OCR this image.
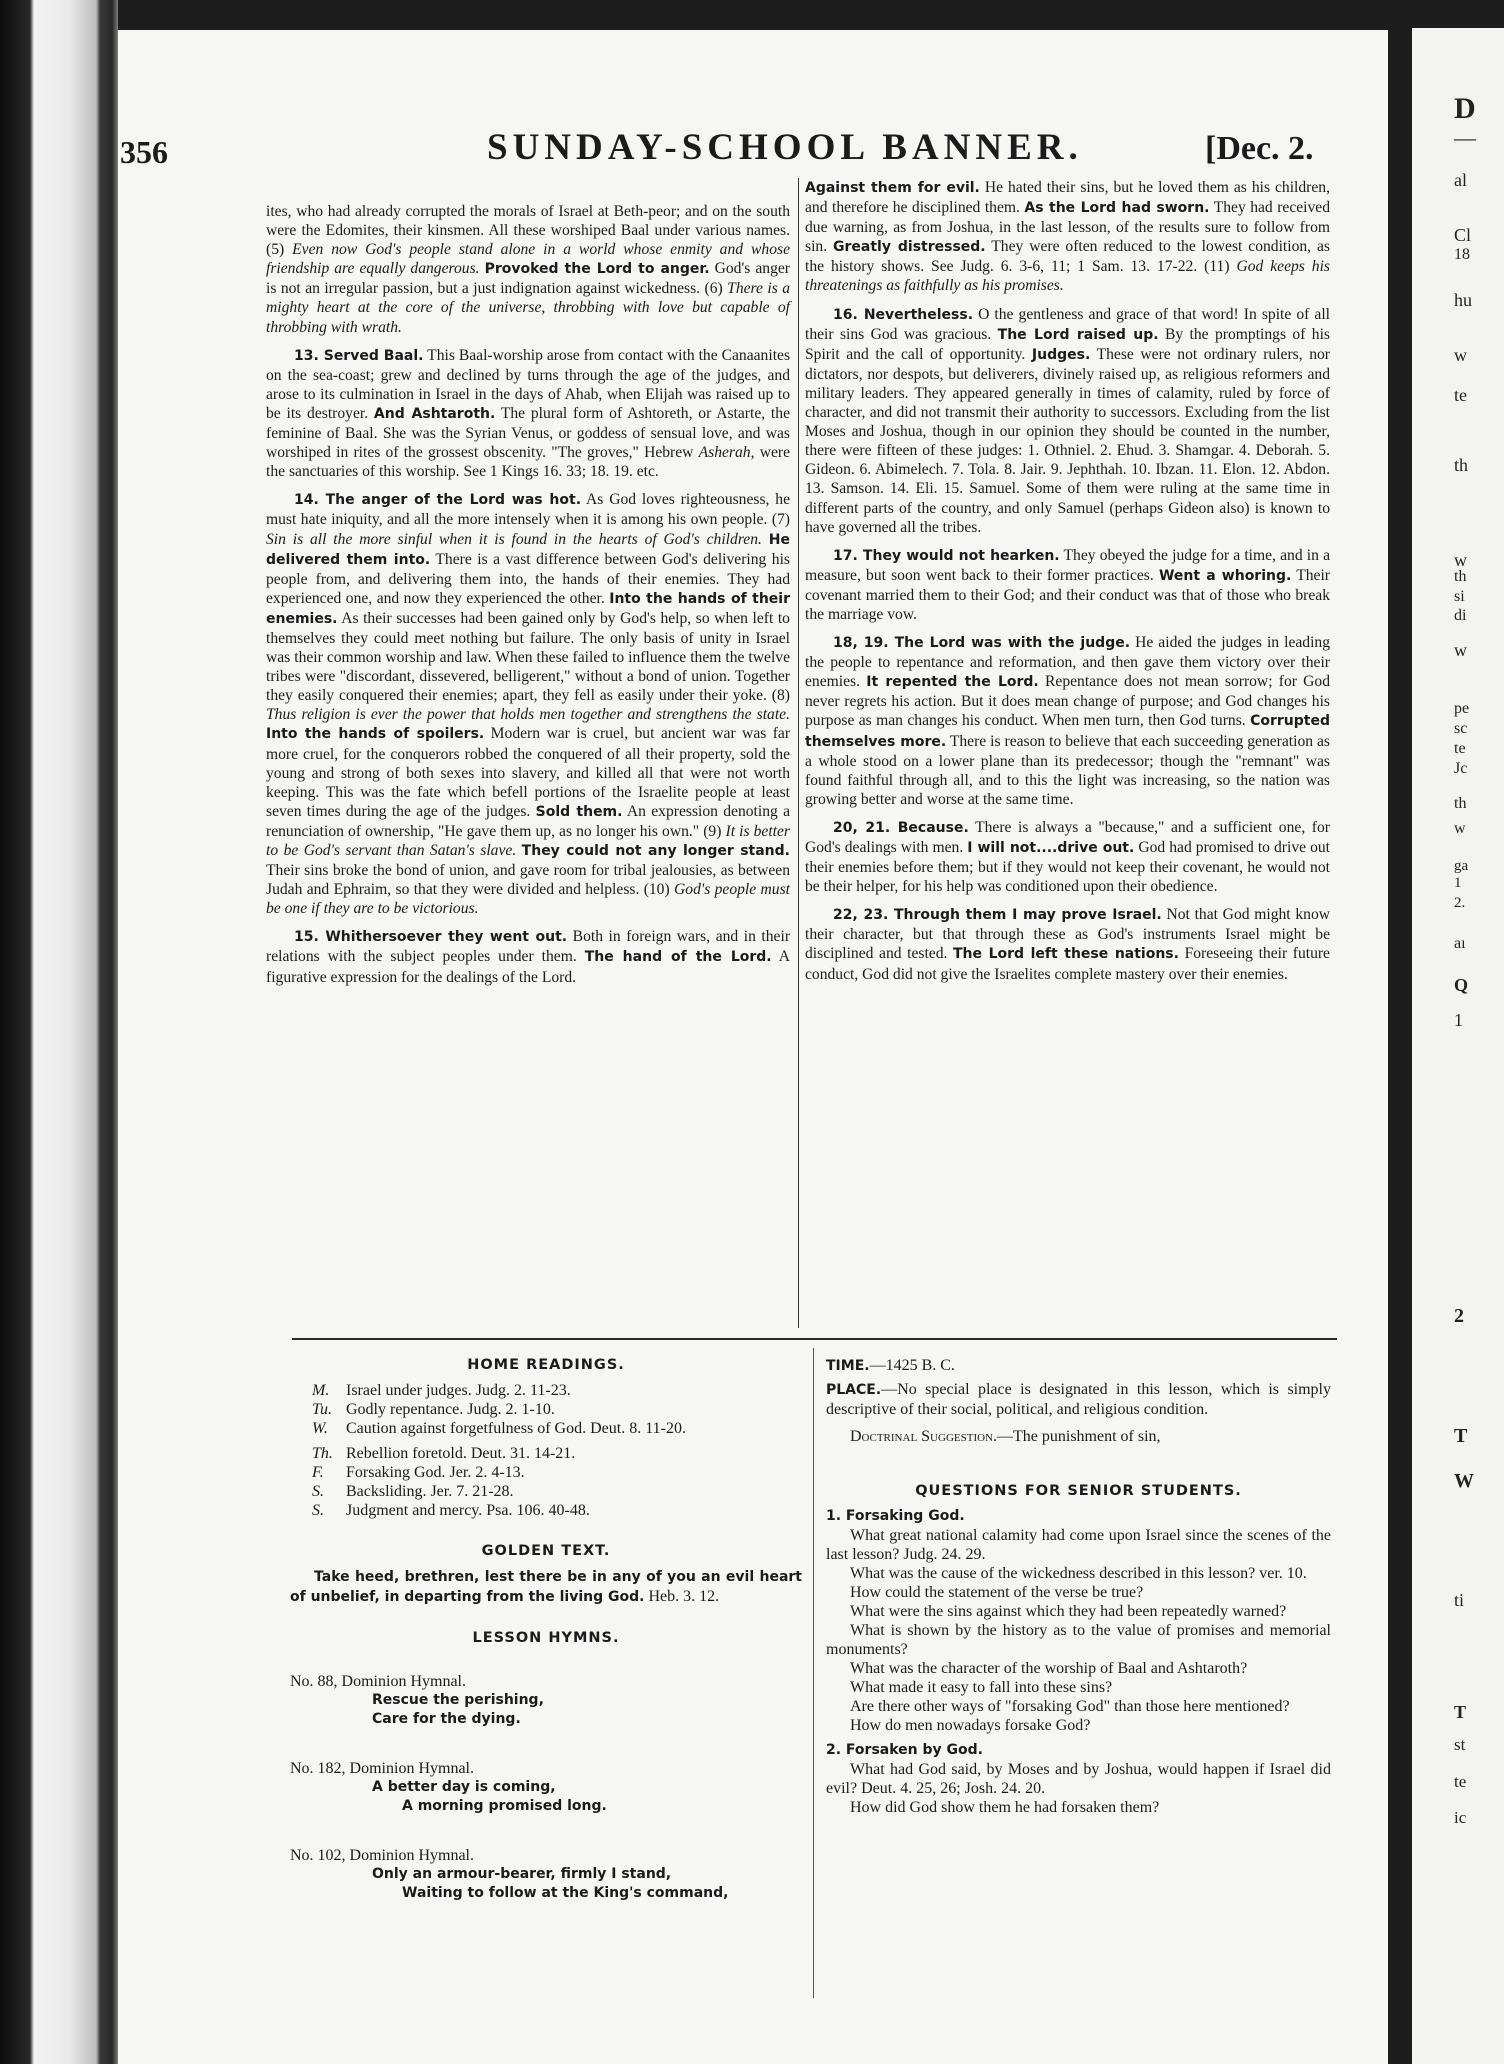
356	SUNDAY-SCHOOL BANNER.	[Dec. 2.

ites, who had already corrupted the morals of Israel at Beth-peor; and on the south were the Edomites, their kinsmen. All these worshiped Baal under various names. (5) Even now God's people stand alone in a world whose enmity and whose friendship are equally dangerous. Provoked the Lord to anger. God's anger is not an irregular passion, but a just indignation against wickedness. (6) There is a mighty heart at the core of the universe, throbbing with love but capable of throbbing with wrath.

13. Served Baal. This Baal-worship arose from contact with the Canaanites on the sea-coast; grew and declined by turns through the age of the judges, and arose to its culmination in Israel in the days of Ahab, when Elijah was raised up to be its destroyer. And Ashtaroth. The plural form of Ashtoreth, or Astarte, the feminine of Baal. She was the Syrian Venus, or goddess of sensual love, and was worshiped in rites of the grossest obscenity. "The groves," Hebrew Asherah, were the sanctuaries of this worship. See 1 Kings 16. 33; 18. 19. etc.

14. The anger of the Lord was hot. As God loves righteousness, he must hate iniquity, and all the more intensely when it is among his own people. (7) Sin is all the more sinful when it is found in the hearts of God's children. He delivered them into. There is a vast difference between God's delivering his people from, and delivering them into, the hands of their enemies. They had experienced one, and now they experienced the other. Into the hands of their enemies. As their successes had been gained only by God's help, so when left to themselves they could meet nothing but failure. The only basis of unity in Israel was their common worship and law. When these failed to influence them the twelve tribes were "discordant, dissevered, belligerent," without a bond of union. Together they easily conquered their enemies; apart, they fell as easily under their yoke. (8) Thus religion is ever the power that holds men together and strengthens the state. Into the hands of spoilers. Modern war is cruel, but ancient war was far more cruel, for the conquerors robbed the conquered of all their property, sold the young and strong of both sexes into slavery, and killed all that were not worth keeping. This was the fate which befell portions of the Israelite people at least seven times during the age of the judges. Sold them. An expression denoting a renunciation of ownership, "He gave them up, as no longer his own." (9) It is better to be God's servant than Satan's slave. They could not any longer stand. Their sins broke the bond of union, and gave room for tribal jealousies, as between Judah and Ephraim, so that they were divided and helpless. (10) God's people must be one if they are to be victorious.

15. Whithersoever they went out. Both in foreign wars, and in their relations with the subject peoples under them. The hand of the Lord. A figurative expression for the dealings of the Lord.

Against them for evil. He hated their sins, but he loved them as his children, and therefore he disciplined them. As the Lord had sworn. They had received due warning, as from Joshua, in the last lesson, of the results sure to follow from sin. Greatly distressed. They were often reduced to the lowest condition, as the history shows. See Judg. 6. 3-6, 11; 1 Sam. 13. 17-22. (11) God keeps his threatenings as faithfully as his promises.

16. Nevertheless. O the gentleness and grace of that word! In spite of all their sins God was gracious. The Lord raised up. By the promptings of his Spirit and the call of opportunity. Judges. These were not ordinary rulers, nor dictators, nor despots, but deliverers, divinely raised up, as religious reformers and military leaders. They appeared generally in times of calamity, ruled by force of character, and did not transmit their authority to successors. Excluding from the list Moses and Joshua, though in our opinion they should be counted in the number, there were fifteen of these judges: 1. Othniel. 2. Ehud. 3. Shamgar. 4. Deborah. 5. Gideon. 6. Abimelech. 7. Tola. 8. Jair. 9. Jephthah. 10. Ibzan. 11. Elon. 12. Abdon. 13. Samson. 14. Eli. 15. Samuel. Some of them were ruling at the same time in different parts of the country, and only Samuel (perhaps Gideon also) is known to have governed all the tribes.

17. They would not hearken. They obeyed the judge for a time, and in a measure, but soon went back to their former practices. Went a whoring. Their covenant married them to their God; and their conduct was that of those who break the marriage vow.

18, 19. The Lord was with the judge. He aided the judges in leading the people to repentance and reformation, and then gave them victory over their enemies. It repented the Lord. Repentance does not mean sorrow; for God never regrets his action. But it does mean change of purpose; and God changes his purpose as man changes his conduct. When men turn, then God turns. Corrupted themselves more. There is reason to believe that each succeeding generation as a whole stood on a lower plane than its predecessor; though the "remnant" was found faithful through all, and to this the light was increasing, so the nation was growing better and worse at the same time.

20, 21. Because. There is always a "because," and a sufficient one, for God's dealings with men. I will not....drive out. God had promised to drive out their enemies before them; but if they would not keep their covenant, he would not be their helper, for his help was conditioned upon their obedience.

22, 23. Through them I may prove Israel. Not that God might know their character, but that through these as God's instruments Israel might be disciplined and tested. The Lord left these nations. Foreseeing their future conduct, God did not give the Israelites complete mastery over their enemies.

HOME READINGS.
M.	Israel under judges. Judg. 2. 11-23.
Tu. Godly repentance. Judg. 2. 1-10.
W.	Caution against forgetfulness of God. Deut. 8. 11-20.
Th. Rebellion foretold. Deut. 31. 14-21.
F.	Forsaking God. Jer. 2. 4-13.
S.	Backsliding. Jer. 7. 21-28.
S.	Judgment and mercy. Psa. 106. 40-48.
GOLDEN TEXT.
Take heed, brethren, lest there be in any of you an evil heart of unbelief, in departing from the living God. Heb. 3. 12.
LESSON HYMNS.
No. 88, Dominion Hymnal.
Rescue the perishing,
Care for the dying.
No. 182, Dominion Hymnal.
A better day is coming,
A morning promised long.
No. 102, Dominion Hymnal.
Only an armour-bearer, firmly I stand,
Waiting to follow at the King's command,
TIME.—1425 B. C.
PLACE.—No special place is designated in this lesson, which is simply descriptive of their social, political, and religious condition.
Doctrinal Suggestion.—The punishment of sin,
QUESTIONS FOR SENIOR STUDENTS.
1. Forsaking God.

What great national calamity had come upon Israel since the scenes of the last lesson? Judg. 24. 29.

What was the cause of the wickedness described in this lesson? ver. 10.

How could the statement of the verse be true?

What were the sins against which they had been repeatedly warned?

What is shown by the history as to the value of promises and memorial monuments?

What was the character of the worship of Baal and Ashtaroth?

What made it easy to fall into these sins?

Are there other ways of "forsaking God" than those here mentioned?

How do men nowadays forsake God?

2. Forsaken by God.

What had God said, by Moses and by Joshua, would happen if Israel did evil? Deut. 4. 25, 26; Josh. 24. 20.

How did God show them he had forsaken them?

D
—
al
Cl
18
hu
w
te
th
w
th
si
di
w
pe
sc
te
Jc
th
w
ga
1
2.
aı
Q
1
2
T
W
ti
T
st
te
ic
